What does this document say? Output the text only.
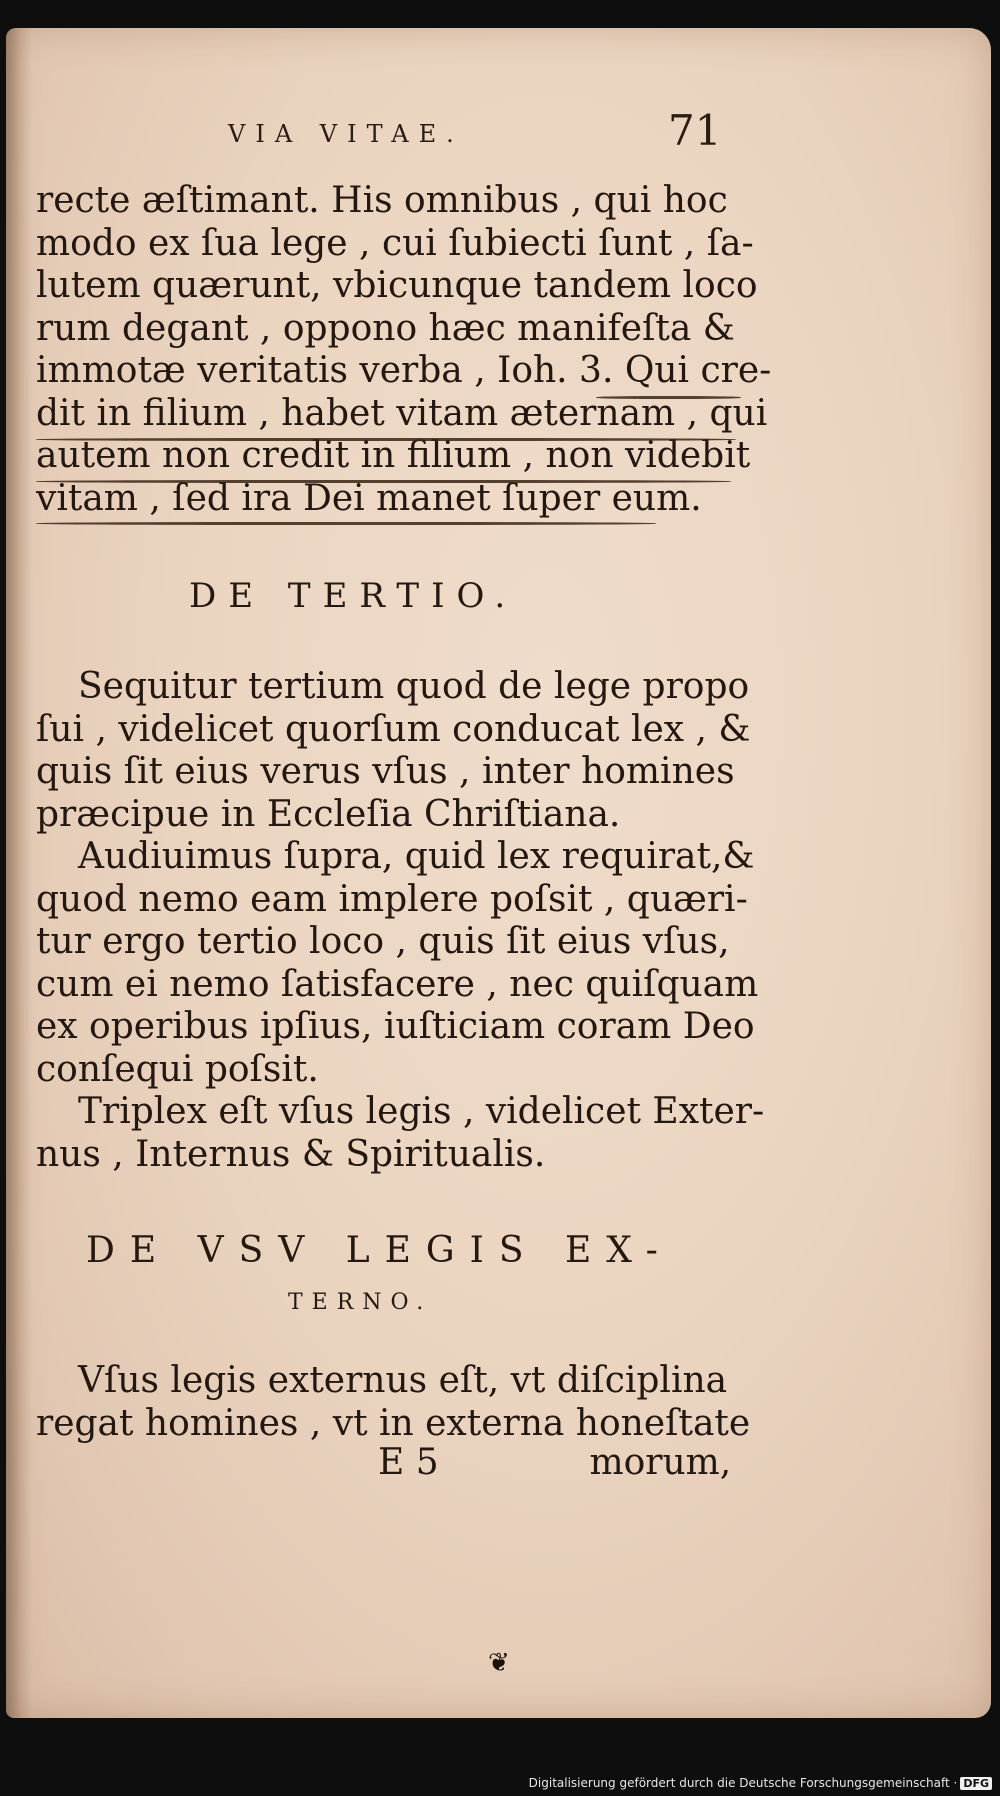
VIA VITAE.	71
recte æſtimant. His omnibus , qui hoc
modo ex ſua lege , cui ſubiecti ſunt , ſa-
lutem quærunt, vbicunque tandem loco
rum degant , oppono hæc manifeſta &
immotæ veritatis verba , Ioh. 3. Qui cre-
dit in filium , habet vitam æternam , qui
autem non credit in filium , non videbit
vitam , ſed ira Dei manet ſuper eum.
DE TERTIO.
Sequitur tertium quod de lege propo
ſui , videlicet quorſum conducat lex , &
quis ſit eius verus vſus , inter homines
præcipue in Eccleſia Chriſtiana.
Audiuimus ſupra, quid lex requirat,&
quod nemo eam implere poſsit , quæri-
tur ergo tertio loco , quis ſit eius vſus,
cum ei nemo ſatisfacere , nec quiſquam
ex operibus ipſius, iuſticiam coram Deo
conſequi poſsit.
Triplex eſt vſus legis , videlicet Exter-
nus , Internus & Spiritualis.
DE VSV LEGIS EX-
TERNO.
Vſus legis externus eſt, vt diſciplina
regat homines , vt in externa honeſtate
E 5	morum,
❦
Digitalisierung gefördert durch die Deutsche Forschungsgemeinschaft · DFG
